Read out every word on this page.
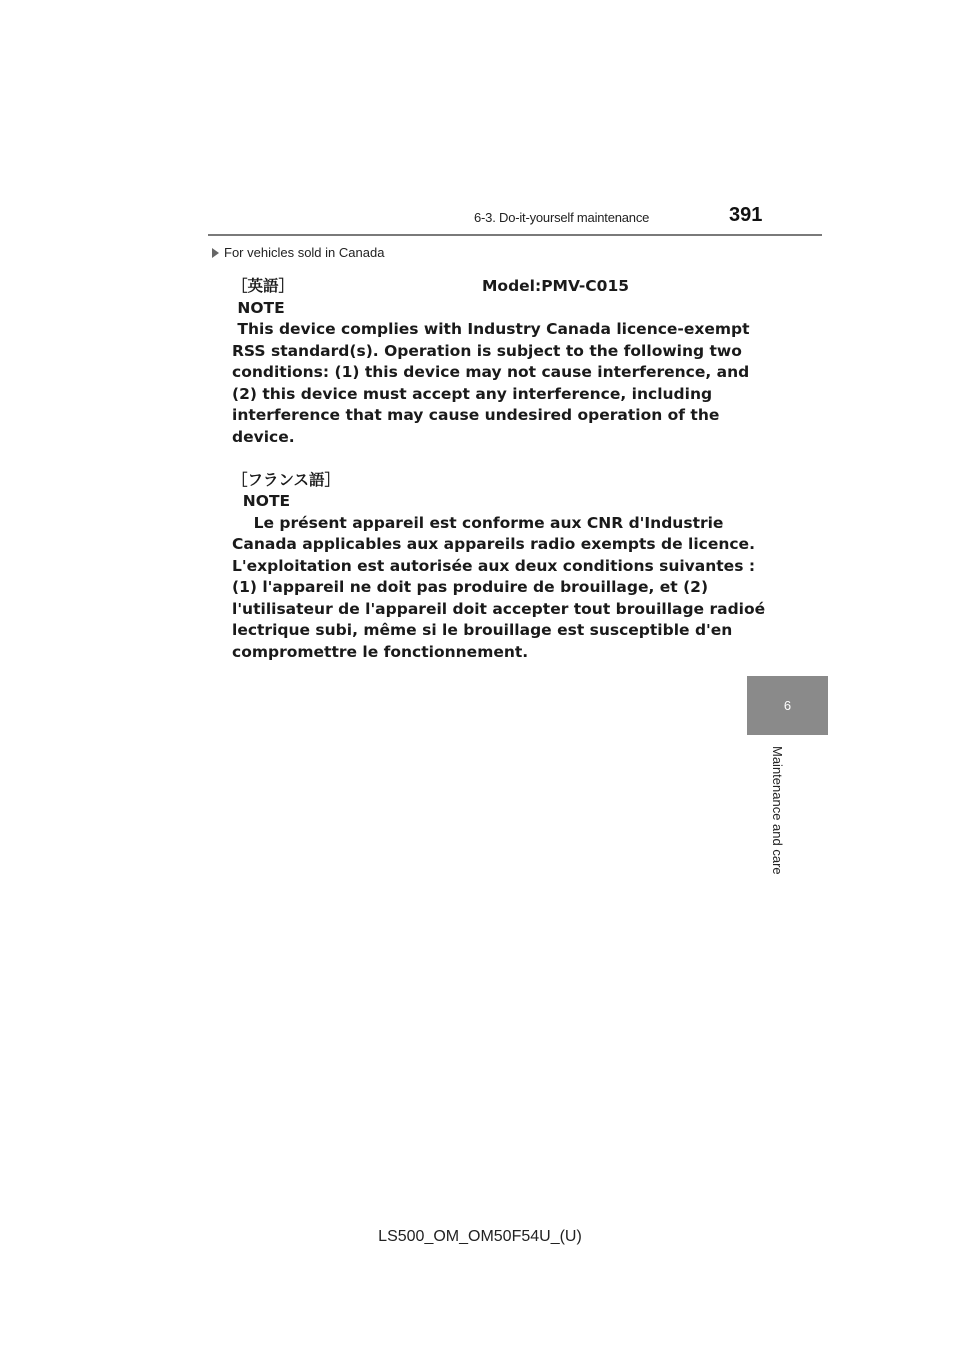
6-3. Do-it-yourself maintenance	391
For vehicles sold in Canada
［英語］	Model:PMV-C015
NOTE
This device complies with Industry Canada licence-exempt
RSS standard(s). Operation is subject to the following two
conditions: (1) this device may not cause interference, and
(2) this device must accept any interference, including
interference that may cause undesired operation of the
device.
［フランス語］
NOTE
Le présent appareil est conforme aux CNR d'Industrie
Canada applicables aux appareils radio exempts de licence.
L'exploitation est autorisée aux deux conditions suivantes :
(1) l'appareil ne doit pas produire de brouillage, et (2)
l'utilisateur de l'appareil doit accepter tout brouillage radioé
lectrique subi, même si le brouillage est susceptible d'en
compromettre le fonctionnement.
6
Maintenance and care
LS500_OM_OM50F54U_(U)
